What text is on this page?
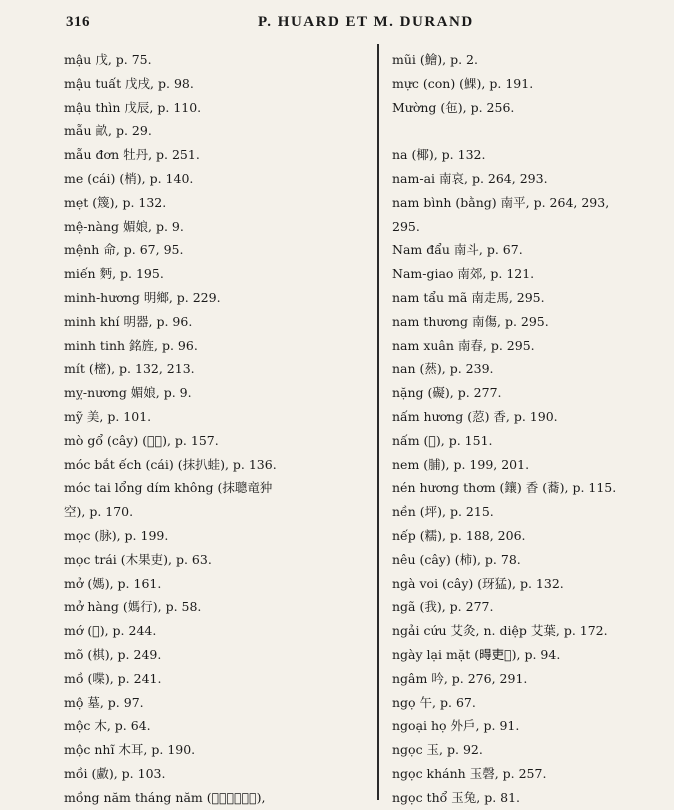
316	P. HUARD ET M. DURAND
mậu 戊, p. 75.
mậu tuất 戊戌, p. 98.
mậu thìn 戊辰, p. 110.
mẫu 畝, p. 29.
mẫu đơn 牡丹, p. 251.
me (cái) (梢), p. 140.
mẹt (篾), p. 132.
mệ-nàng 媚娘, p. 9.
mệnh 命, p. 67, 95.
miến 麪, p. 195.
minh-hương 明鄉, p. 229.
minh khí 明器, p. 96.
minh tinh 銘旌, p. 96.
mít (樒), p. 132, 213.
mỵ-nương 媚娘, p. 9.
mỹ 美, p. 101.
mò gổ (cây) (𣘃槙), p. 157.
móc bắt ếch (cái) (抹扒蛙), p. 136.
móc tai lổng dím không (抹聰竜狆
空), p. 170.
mọc (脉), p. 199.
mọc trái (木果吏), p. 63.
mở (媽), p. 161.
mở hàng (媽行), p. 58.
mớ (𦲾), p. 244.
mõ (棋), p. 249.
mồ (喋), p. 241.
mộ 墓, p. 97.
mộc 木, p. 64.
mộc nhĩ 木耳, p. 190.
mồi (䱷), p. 103.
mồng năm tháng năm (𣎃南五𦚐南五),
mũi (鱠), p. 2.
mực (con) (𩸄), p. 191.
Mường (㐌), p. 256.

na (椰), p. 132.
nam-ai 南哀, p. 264, 293.
nam bình (bằng) 南平, p. 264, 293,
295.
Nam đẩu 南斗, p. 67.
Nam-giao 南郊, p. 121.
nam tẩu mã 南走馬, 295.
nam thương 南傷, p. 295.
nam xuân 南春, p. 295.
nan (䔳), p. 239.
nặng (礙), p. 277.
nấm hương (荵) 香, p. 190.
nấm (𦹳), p. 151.
nem (脯), p. 199, 201.
nén hương thơm (鑲) 香 (蕎), p. 115.
nền (坪), p. 215.
nếp (糯), p. 188, 206.
nêu (cây) (柿), p. 78.
ngà voi (cây) (玡猛), p. 132.
ngã (我), p. 277.
ngải cứu 艾灸, n. diệp 艾葉, p. 172.
ngày lại mặt (𣈜吏𦎛), p. 94.
ngâm 吟, p. 276, 291.
ngọ 午, p. 67.
ngoại họ 外戶, p. 91.
ngọc 玉, p. 92.
ngọc khánh 玉磬, p. 257.
ngọc thổ 玉兔, p. 81.
